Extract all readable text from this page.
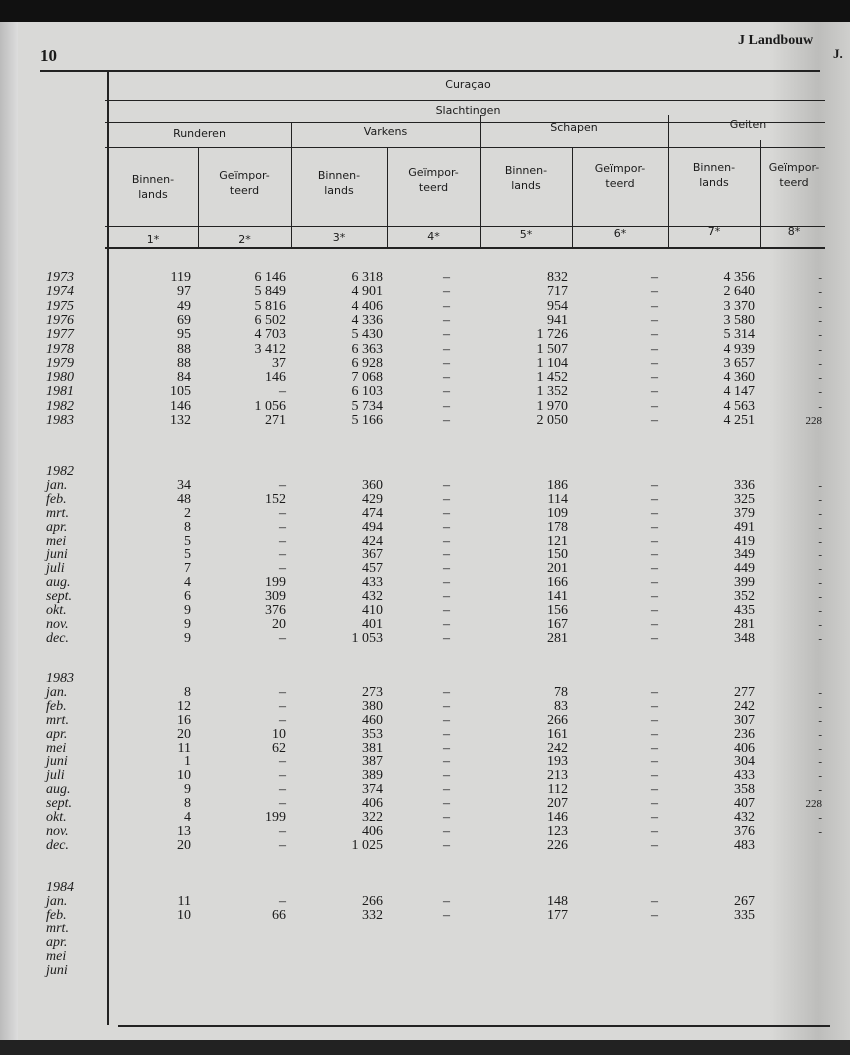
10
J Landbouw
J.
Curaçao
Slachtingen
Runderen	Varkens	Schapen	Geiten
Binnen-
lands
1*
Geïmpor-
teerd
2*
Binnen-
lands
3*
Geïmpor-
teerd
4*
Binnen-
lands
5*
Geïmpor-
teerd
6*
Binnen-
lands
7*
Geïmpor-
teerd
8*
1973	119	6 146	6 318	–	832	–	4 356	-
1974	97	5 849	4 901	–	717	–	2 640	-
1975	49	5 816	4 406	–	954	–	3 370	-
1976	69	6 502	4 336	–	941	–	3 580	-
1977	95	4 703	5 430	–	1 726	–	5 314	-
1978	88	3 412	6 363	–	1 507	–	4 939	-
1979	88	37	6 928	–	1 104	–	3 657	-
1980	84	146	7 068	–	1 452	–	4 360	-
1981	105	–	6 103	–	1 352	–	4 147	-
1982	146	1 056	5 734	–	1 970	–	4 563	-
1983	132	271	5 166	–	2 050	–	4 251	228
1982
jan.	34	–	360	–	186	–	336	-
feb.	48	152	429	–	114	–	325	-
mrt.	2	–	474	–	109	–	379	-
apr.	8	–	494	–	178	–	491	-
mei	5	–	424	–	121	–	419	-
juni	5	–	367	–	150	–	349	-
juli	7	–	457	–	201	–	449	-
aug.	4	199	433	–	166	–	399	-
sept.	6	309	432	–	141	–	352	-
okt.	9	376	410	–	156	–	435	-
nov.	9	20	401	–	167	–	281	-
dec.	9	–	1 053	–	281	–	348	-
1983
jan.	8	–	273	–	78	–	277	-
feb.	12	–	380	–	83	–	242	-
mrt.	16	–	460	–	266	–	307	-
apr.	20	10	353	–	161	–	236	-
mei	11	62	381	–	242	–	406	-
juni	1	–	387	–	193	–	304	-
juli	10	–	389	–	213	–	433	-
aug.	9	–	374	–	112	–	358	-
sept.	8	–	406	–	207	–	407	228
okt.	4	199	322	–	146	–	432	-
nov.	13	–	406	–	123	–	376	-
dec.	20	–	1 025	–	226	–	483
1984
jan.	11	–	266	–	148	–	267
feb.	10	66	332	–	177	–	335
mrt.
apr.
mei
juni
